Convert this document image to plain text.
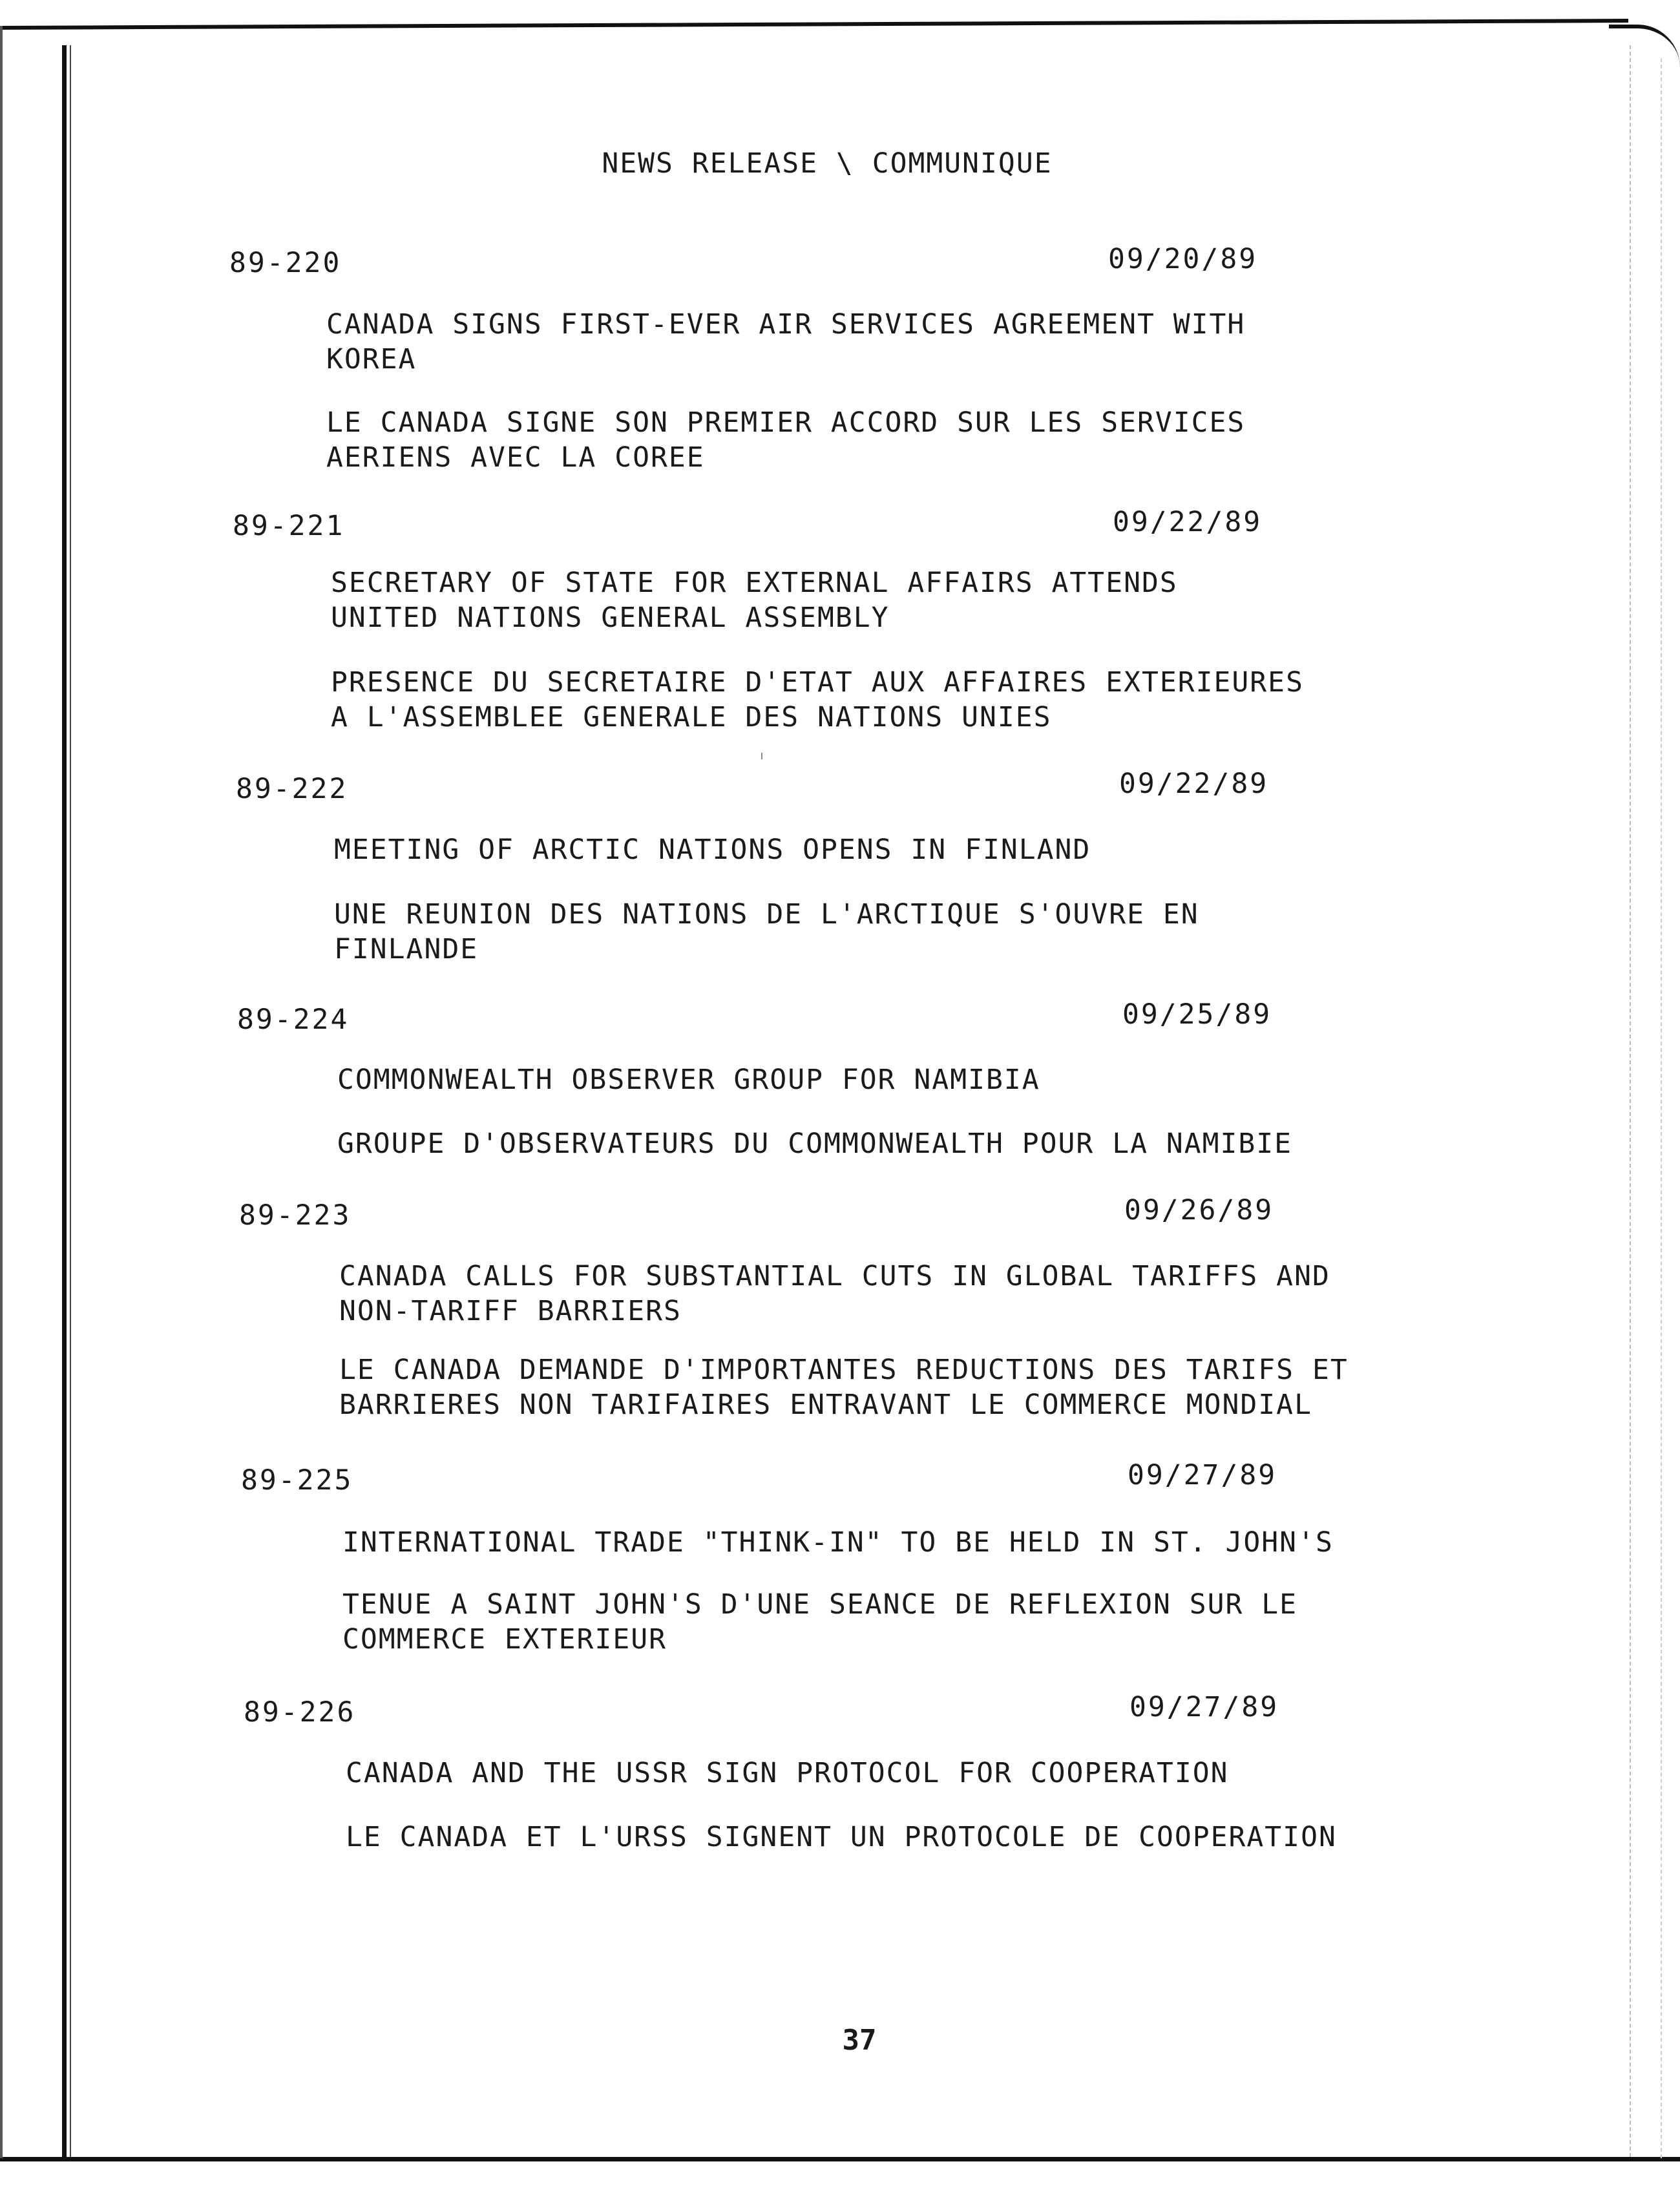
NEWS RELEASE \ COMMUNIQUE
89-220	09/20/89
CANADA SIGNS FIRST-EVER AIR SERVICES AGREEMENT WITH
KOREA
LE CANADA SIGNE SON PREMIER ACCORD SUR LES SERVICES
AERIENS AVEC LA COREE
89-221	09/22/89
SECRETARY OF STATE FOR EXTERNAL AFFAIRS ATTENDS
UNITED NATIONS GENERAL ASSEMBLY
PRESENCE DU SECRETAIRE D'ETAT AUX AFFAIRES EXTERIEURES
A L'ASSEMBLEE GENERALE DES NATIONS UNIES
89-222	09/22/89
MEETING OF ARCTIC NATIONS OPENS IN FINLAND
UNE REUNION DES NATIONS DE L'ARCTIQUE S'OUVRE EN
FINLANDE
89-224	09/25/89
COMMONWEALTH OBSERVER GROUP FOR NAMIBIA
GROUPE D'OBSERVATEURS DU COMMONWEALTH POUR LA NAMIBIE
89-223	09/26/89
CANADA CALLS FOR SUBSTANTIAL CUTS IN GLOBAL TARIFFS AND
NON-TARIFF BARRIERS
LE CANADA DEMANDE D'IMPORTANTES REDUCTIONS DES TARIFS ET
BARRIERES NON TARIFAIRES ENTRAVANT LE COMMERCE MONDIAL
89-225	09/27/89
INTERNATIONAL TRADE "THINK-IN" TO BE HELD IN ST. JOHN'S
TENUE A SAINT JOHN'S D'UNE SEANCE DE REFLEXION SUR LE
COMMERCE EXTERIEUR
89-226	09/27/89
CANADA AND THE USSR SIGN PROTOCOL FOR COOPERATION
LE CANADA ET L'URSS SIGNENT UN PROTOCOLE DE COOPERATION
37
